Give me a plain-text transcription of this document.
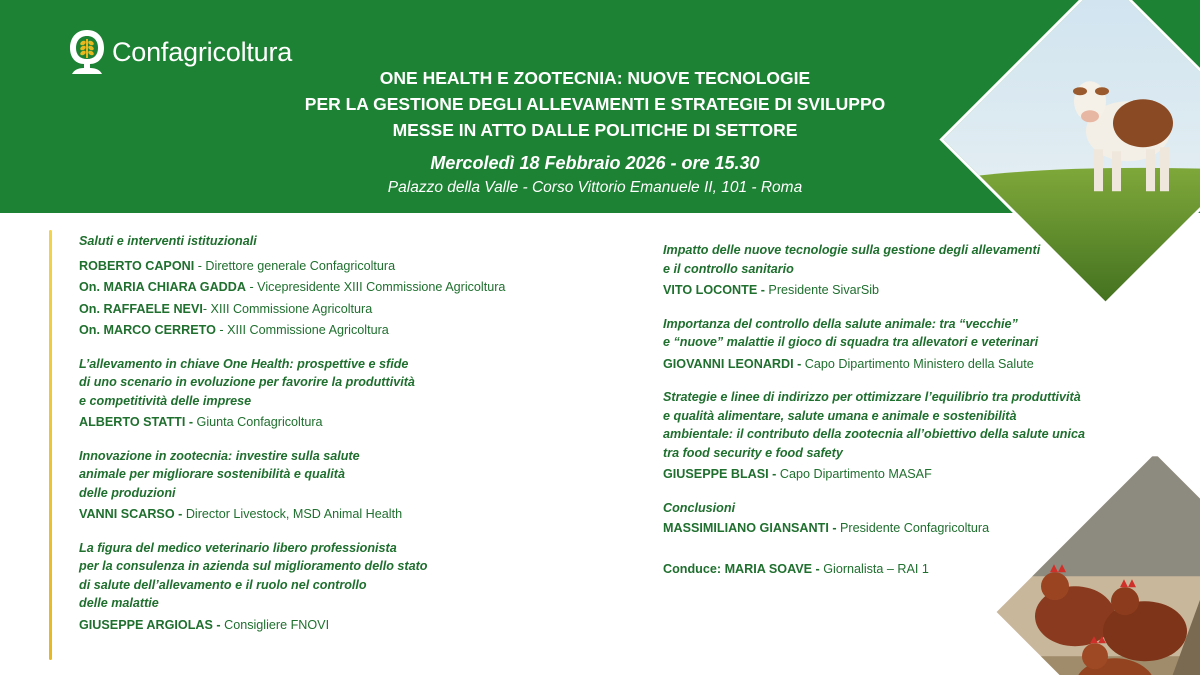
Confagricoltura
ONE HEALTH E ZOOTECNIA: NUOVE TECNOLOGIE
PER LA GESTIONE DEGLI ALLEVAMENTI E STRATEGIE DI SVILUPPO
MESSE IN ATTO DALLE POLITICHE DI SETTORE
Mercoledì 18 Febbraio 2026 - ore 15.30
Palazzo della Valle - Corso Vittorio Emanuele II, 101 - Roma
Saluti e interventi istituzionali
ROBERTO CAPONI - Direttore generale Confagricoltura
On. MARIA CHIARA GADDA - Vicepresidente XIII Commissione Agricoltura
On. RAFFAELE NEVI- XIII Commissione Agricoltura
On. MARCO CERRETO - XIII Commissione Agricoltura
L’allevamento in chiave One Health: prospettive e sfide
di uno scenario in evoluzione per favorire la produttività
e competitività delle imprese
ALBERTO STATTI - Giunta Confagricoltura
Innovazione in zootecnia: investire sulla salute
animale per migliorare sostenibilità e qualità
delle produzioni
VANNI SCARSO - Director Livestock, MSD Animal Health
La figura del medico veterinario libero professionista
per la consulenza in azienda sul miglioramento dello stato
di salute dell’allevamento e il ruolo nel controllo
delle malattie
GIUSEPPE ARGIOLAS - Consigliere FNOVI
Impatto delle nuove tecnologie sulla gestione degli allevamenti
e il controllo sanitario
VITO LOCONTE - Presidente SivarSib
Importanza del controllo della salute animale: tra “vecchie”
e “nuove” malattie il gioco di squadra tra allevatori e veterinari
GIOVANNI LEONARDI - Capo Dipartimento Ministero della Salute
Strategie e linee di indirizzo per ottimizzare l’equilibrio tra produttività
e qualità alimentare, salute umana e animale e sostenibilità
ambientale: il contributo della zootecnia all’obiettivo della salute unica
tra food security e food safety
GIUSEPPE BLASI - Capo Dipartimento MASAF
Conclusioni
MASSIMILIANO GIANSANTI - Presidente Confagricoltura
Conduce: MARIA SOAVE - Giornalista – RAI 1
